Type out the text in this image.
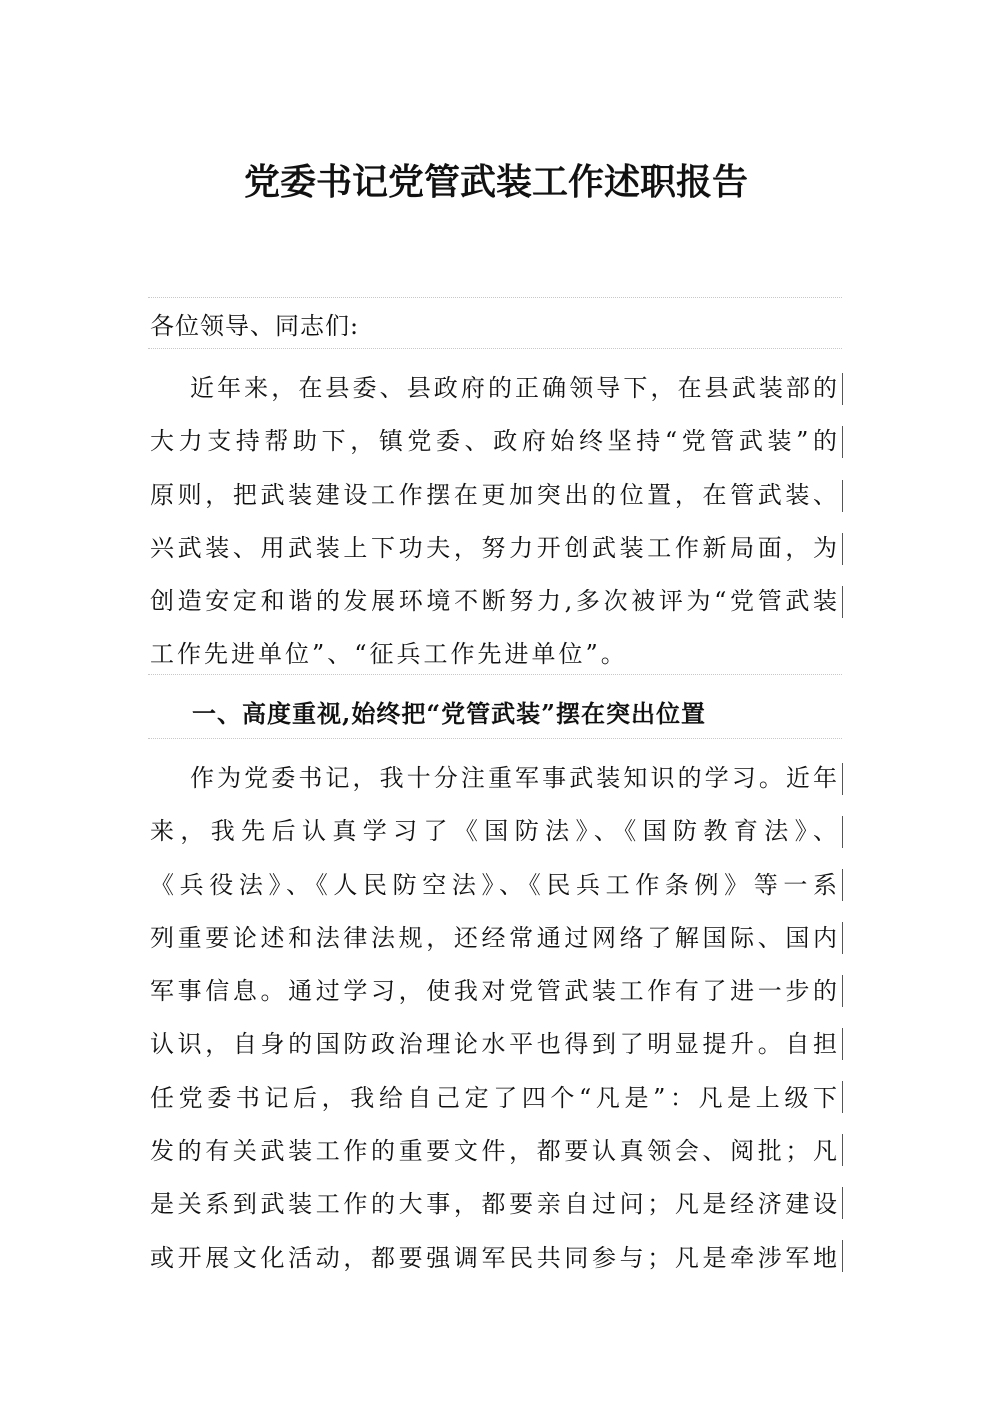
党委书记党管武装工作述职报告
各位领导、同志们:
近年来，在县委、县政府的正确领导下，在县武装部的
大力支持帮助下，镇党委、政府始终坚持“党管武装”的
原则，把武装建设工作摆在更加突出的位置，在管武装、
兴武装、用武装上下功夫，努力开创武装工作新局面，为
创造安定和谐的发展环境不断努力,多次被评为“党管武装
工作先进单位”、“征兵工作先进单位”。
一、高度重视,始终把“党管武装”摆在突出位置
作为党委书记，我十分注重军事武装知识的学习。近年
来，我先后认真学习了《国防法》、《国防教育法》、
《兵役法》、《人民防空法》、《民兵工作条例》等一系
列重要论述和法律法规，还经常通过网络了解国际、国内
军事信息。通过学习，使我对党管武装工作有了进一步的
认识，自身的国防政治理论水平也得到了明显提升。自担
任党委书记后，我给自己定了四个“凡是”：凡是上级下
发的有关武装工作的重要文件，都要认真领会、阅批；凡
是关系到武装工作的大事，都要亲自过问；凡是经济建设
或开展文化活动，都要强调军民共同参与；凡是牵涉军地
